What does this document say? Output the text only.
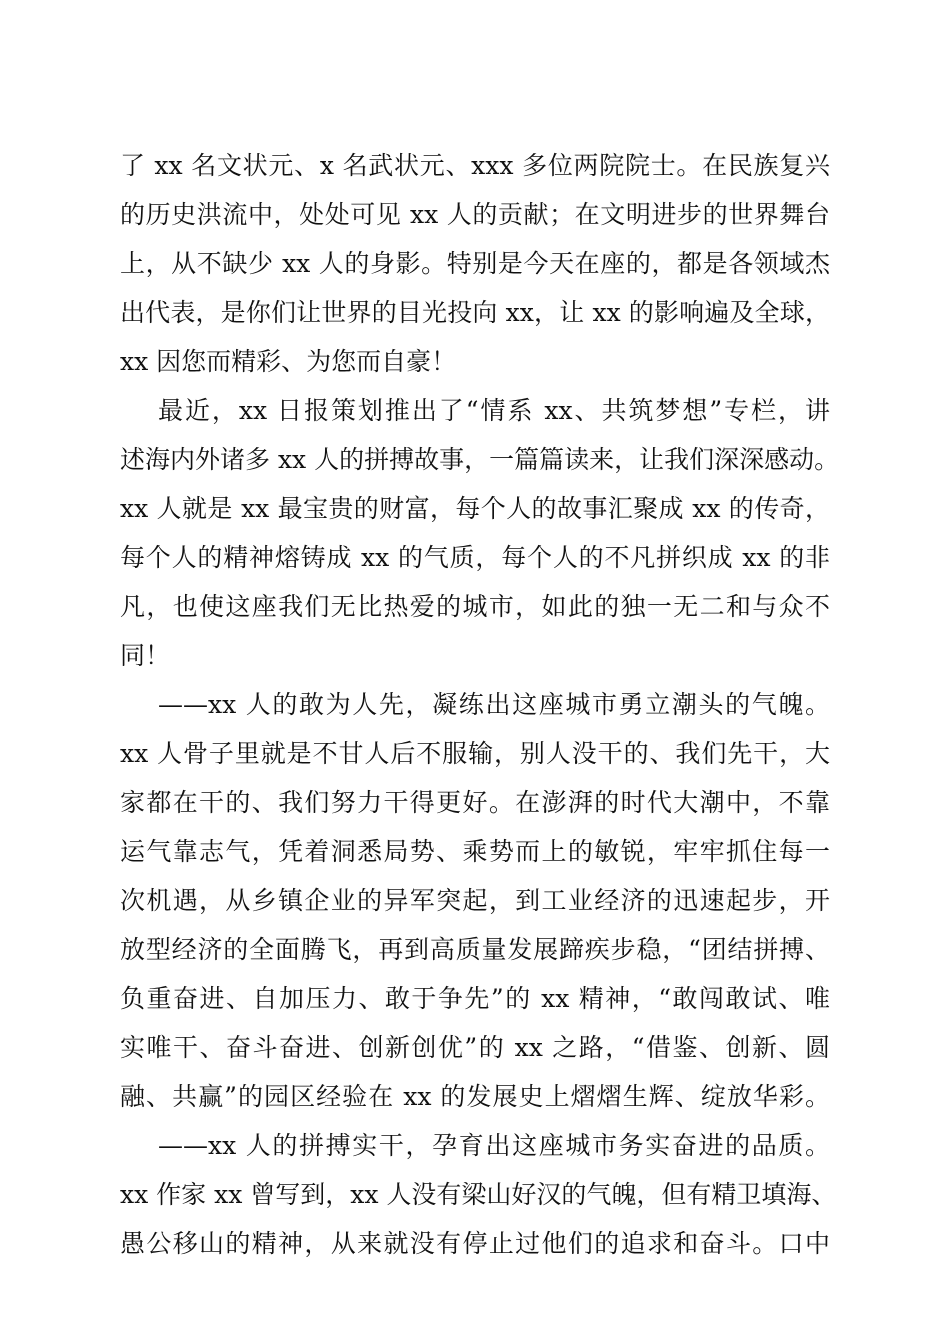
了 xx 名文状元、x 名武状元、xxx 多位两院院士。在民族复兴
的历史洪流中，处处可见 xx 人的贡献；在文明进步的世界舞台
上，从不缺少 xx 人的身影。特别是今天在座的，都是各领域杰
出代表，是你们让世界的目光投向 xx，让 xx 的影响遍及全球，
xx 因您而精彩、为您而自豪！
最近，xx 日报策划推出了“情系 xx、共筑梦想”专栏，讲
述海内外诸多 xx 人的拼搏故事，一篇篇读来，让我们深深感动。
xx 人就是 xx 最宝贵的财富，每个人的故事汇聚成 xx 的传奇，
每个人的精神熔铸成 xx 的气质，每个人的不凡拼织成 xx 的非
凡，也使这座我们无比热爱的城市，如此的独一无二和与众不
同！
——xx 人的敢为人先，凝练出这座城市勇立潮头的气魄。
xx 人骨子里就是不甘人后不服输，别人没干的、我们先干，大
家都在干的、我们努力干得更好。在澎湃的时代大潮中，不靠
运气靠志气，凭着洞悉局势、乘势而上的敏锐，牢牢抓住每一
次机遇，从乡镇企业的异军突起，到工业经济的迅速起步，开
放型经济的全面腾飞，再到高质量发展蹄疾步稳，“团结拼搏、
负重奋进、自加压力、敢于争先”的 xx 精神，“敢闯敢试、唯
实唯干、奋斗奋进、创新创优”的 xx 之路，“借鉴、创新、圆
融、共赢”的园区经验在 xx 的发展史上熠熠生辉、绽放华彩。
——xx 人的拼搏实干，孕育出这座城市务实奋进的品质。
xx 作家 xx 曾写到，xx 人没有梁山好汉的气魄，但有精卫填海、
愚公移山的精神，从来就没有停止过他们的追求和奋斗。口中
